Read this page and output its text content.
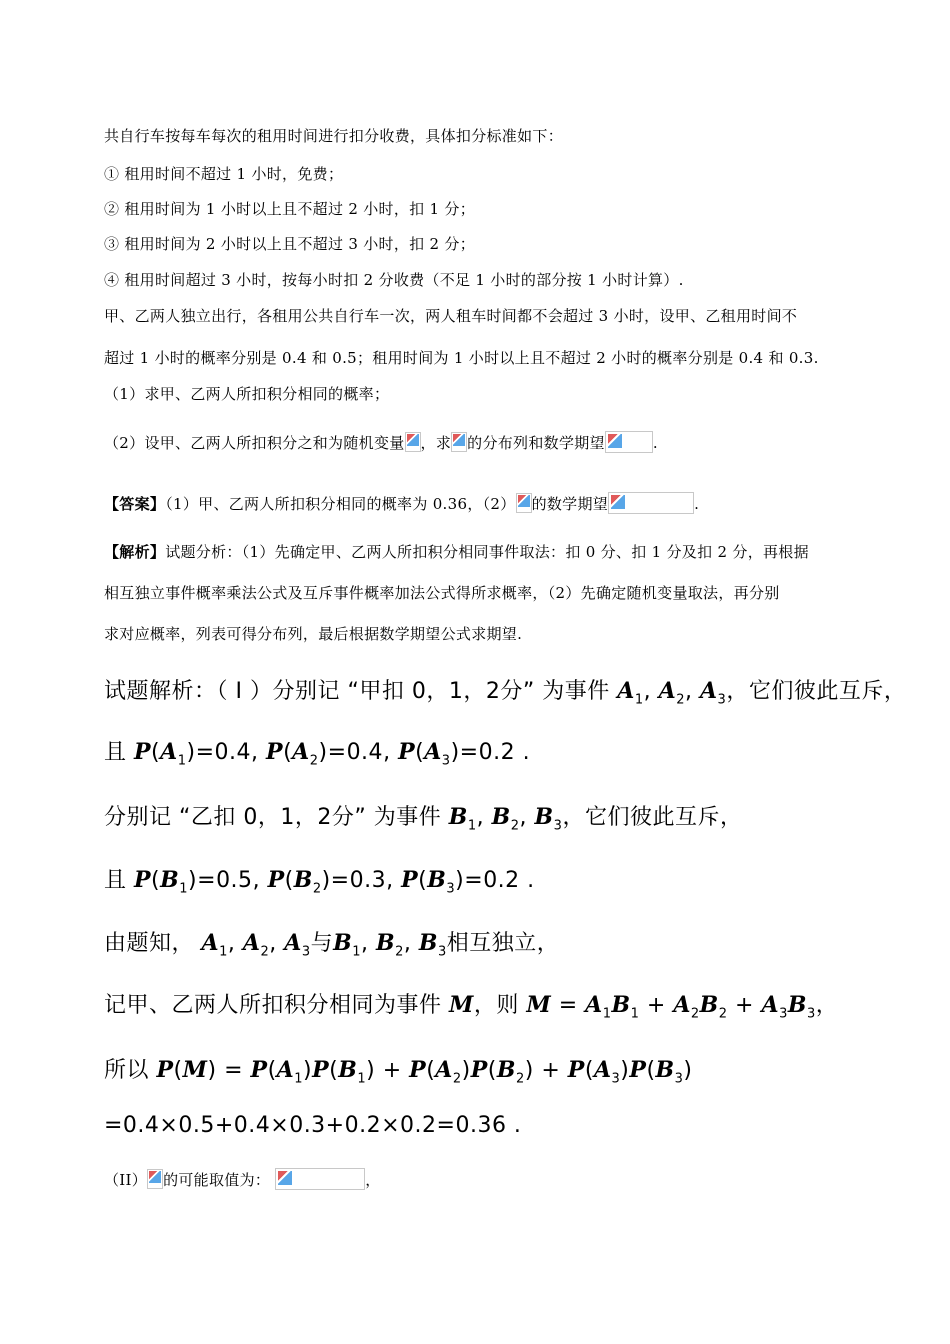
共自行车按每车每次的租用时间进行扣分收费，具体扣分标准如下：
① 租用时间不超过 1 小时，免费；
② 租用时间为 1 小时以上且不超过 2 小时，扣 1 分；
③ 租用时间为 2 小时以上且不超过 3 小时，扣 2 分；
④ 租用时间超过 3 小时，按每小时扣 2 分收费（不足 1 小时的部分按 1 小时计算）.
甲、乙两人独立出行，各租用公共自行车一次，两人租车时间都不会超过 3 小时，设甲、乙租用时间不
超过 1 小时的概率分别是 0.4 和 0.5；租用时间为 1 小时以上且不超过 2 小时的概率分别是 0.4 和 0.3.
（1）求甲、乙两人所扣积分相同的概率；
（2）设甲、乙两人所扣积分之和为随机变量 ，求 的分布列和数学期望	.
【答案】（1）甲、乙两人所扣积分相同的概率为 0.36，（2） 的数学期望	.
【解析】试题分析：（1）先确定甲、乙两人所扣积分相同事件取法：扣 0 分、扣 1 分及扣 2 分，再根据
相互独立事件概率乘法公式及互斥事件概率加法公式得所求概率，（2）先确定随机变量取法，再分别
求对应概率，列表可得分布列，最后根据数学期望公式求期望.
试题解析：（ I ）分别记 “甲扣 0，1，2分” 为事件 $A_1$, $A_2$, $A_3$，它们彼此互斥，
且 $P(A_1)=0.4$, $P(A_2)=0.4$, $P(A_3)=0.2$ .
分别记 “乙扣 0，1，2分” 为事件 $B_1$, $B_2$, $B_3$，它们彼此互斥，
且 $P(B_1)=0.5$, $P(B_2)=0.3$, $P(B_3)=0.2$ .
由题知， $A_1$, $A_2$, $A_3$与$B_1$, $B_2$, $B_3$相互独立，
记甲、乙两人所扣积分相同为事件 M，则 $M = A_1B_1 + A_2B_2 + A_3B_3$，
所以 $P(M) = P(A_1)P(B_1) + P(A_2)P(B_2) + P(A_3)P(B_3)$
=0.4×0.5+0.4×0.3+0.2×0.2=0.36 .
（II） 的可能取值为：	，
